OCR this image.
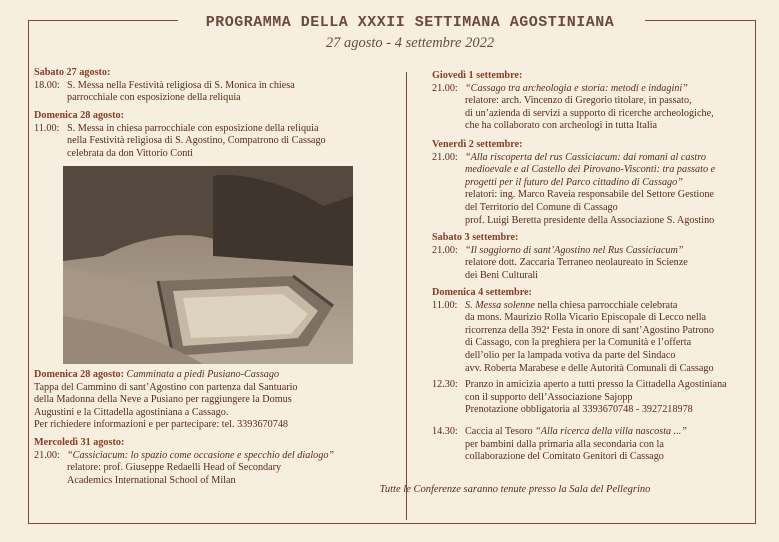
PROGRAMMA DELLA XXXII SETTIMANA AGOSTINIANA
27 agosto - 4 settembre 2022
Sabato 27 agosto:
18.00: S. Messa nella Festività religiosa di S. Monica in chiesa
parrocchiale con esposizione della reliquia
Domenica 28 agosto:
11.00: S. Messa in chiesa parrocchiale con esposizione della reliquia
nella Festività religiosa di S. Agostino, Compatrono di Cassago
celebrata da don Vittorio Conti
Domenica 28 agosto: Camminata a piedi Pusiano-Cassago
Tappa del Cammino di sant’Agostino con partenza dal Santuario
della Madonna della Neve a Pusiano per raggiungere la Domus
Augustini e la Cittadella agostiniana a Cassago.
Per richiedere informazioni e per partecipare: tel. 3393670748
Mercoledì 31 agosto:
21.00: “Cassiciacum: lo spazio come occasione e specchio del dialogo”
relatore: prof. Giuseppe Redaelli Head of Secondary
Academics International School of Milan
Giovedì 1 settembre:
21.00: “Cassago tra archeologia e storia: metodi e indagini”
relatore: arch. Vincenzo di Gregorio titolare, in passato,
di un’azienda di servizi a supporto di ricerche archeologiche,
che ha collaborato con archeologi in tutta Italia
Venerdì 2 settembre:
21.00: “Alla riscoperta del rus Cassiciacum: dai romani al castro
medioevale e al Castello dei Pirovano-Visconti: tra passato e
progetti per il futuro del Parco cittadino di Cassago”
relatori: ing. Marco Raveia responsabile del Settore Gestione
del Territorio del Comune di Cassago
prof. Luigi Beretta presidente della Associazione S. Agostino
Sabato 3 settembre:
21.00: “Il soggiorno di sant’Agostino nel Rus Cassiciacum”
relatore dott. Zaccaria Terraneo neolaureato in Scienze
dei Beni Culturali
Domenica 4 settembre:
11.00: S. Messa solenne nella chiesa parrocchiale celebrata
da mons. Maurizio Rolla Vicario Episcopale di Lecco nella
ricorrenza della 392ª Festa in onore di sant’Agostino Patrono
di Cassago, con la preghiera per la Comunità e l’offerta
dell’olio per la lampada votiva da parte del Sindaco
avv. Roberta Marabese e delle Autorità Comunali di Cassago
12.30: Pranzo in amicizia aperto a tutti presso la Cittadella Agostiniana
con il supporto dell’Associazione Sajopp
Prenotazione obbligatoria al 3393670748 - 3927218978
14.30: Caccia al Tesoro “Alla ricerca della villa nascosta ...”
per bambini dalla primaria alla secondaria con la
collaborazione del Comitato Genitori di Cassago
Tutte le Conferenze saranno tenute presso la Sala del Pellegrino
